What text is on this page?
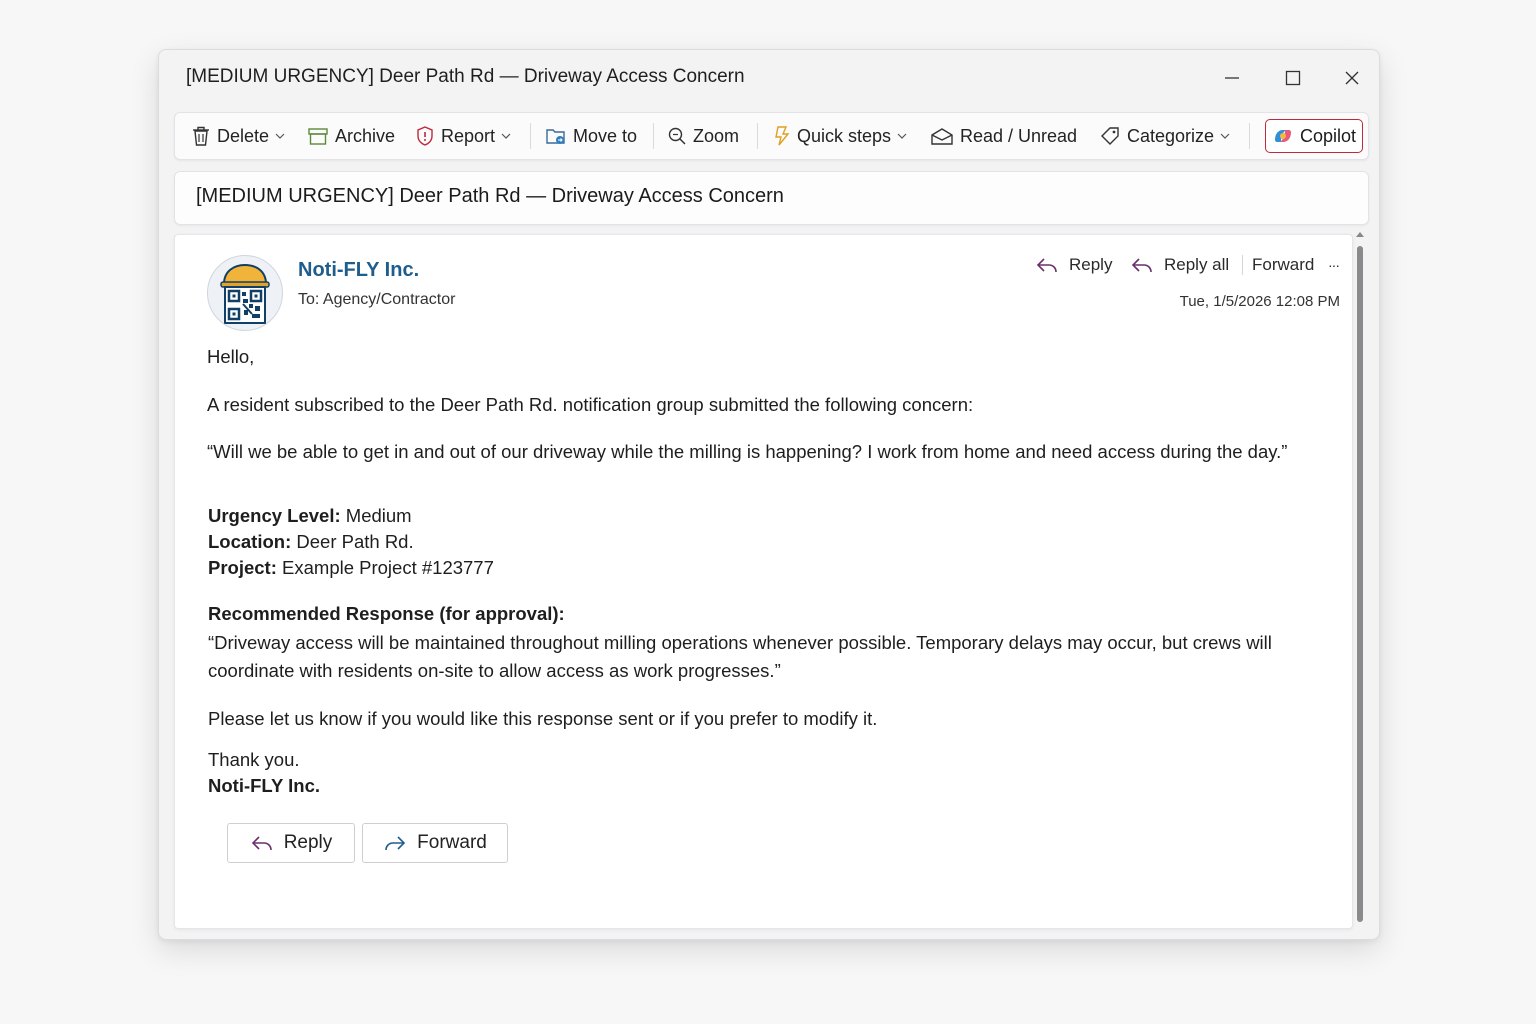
[MEDIUM URGENCY] Deer Path Rd — Driveway Access Concern
Delete	Archive	Report	Move to	Zoom	Quick steps	Read / Unread	Categorize	Copilot
[MEDIUM URGENCY] Deer Path Rd — Driveway Access Concern
Noti-FLY Inc.
To: Agency/Contractor
Reply	Reply all Forward ···
Tue, 1/5/2026 12:08 PM
Hello,
A resident subscribed to the Deer Path Rd. notification group submitted the following concern:
“Will we be able to get in and out of our driveway while the milling is happening? I work from home and need access during the day.”
Urgency Level: Medium
Location: Deer Path Rd.
Project: Example Project #123777
Recommended Response (for approval):
“Driveway access will be maintained throughout milling operations whenever possible. Temporary delays may occur, but crews will coordinate with residents on-site to allow access as work progresses.”
Please let us know if you would like this response sent or if you prefer to modify it.
Thank you.
Noti-FLY Inc.
Reply	Forward
